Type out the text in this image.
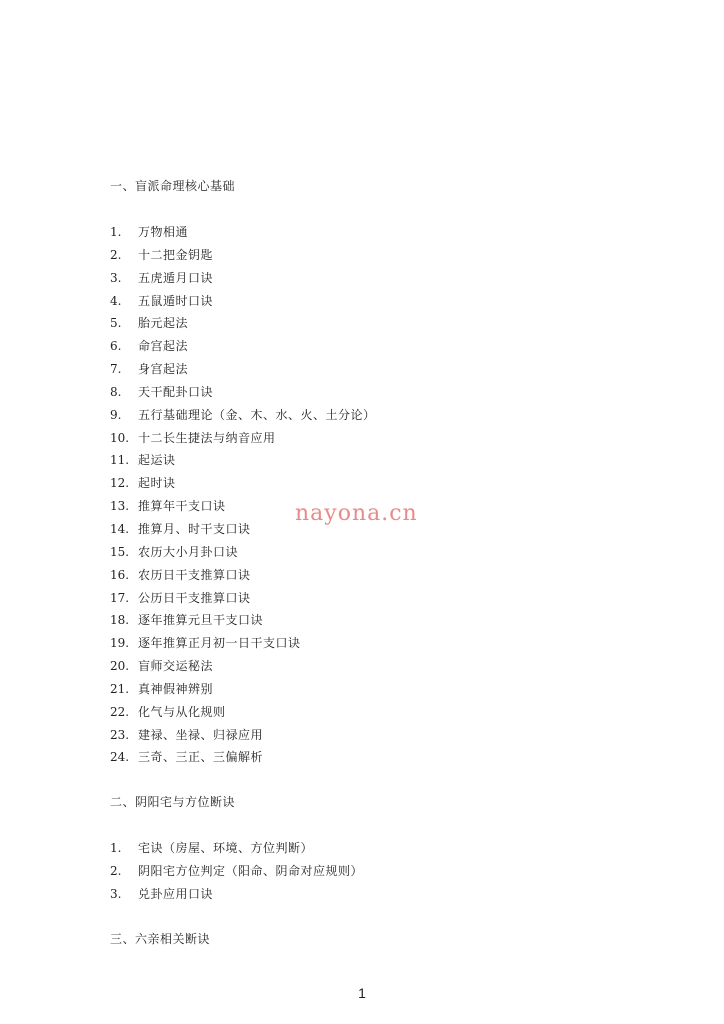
一、盲派命理核心基础
1. 万物相通
2. 十二把金钥匙
3. 五虎遁月口诀
4. 五鼠遁时口诀
5. 胎元起法
6. 命宫起法
7. 身宫起法
8. 天干配卦口诀
9. 五行基础理论（金、木、水、火、土分论）
10. 十二长生捷法与纳音应用
11. 起运诀
12. 起时诀
13. 推算年干支口诀
14. 推算月、时干支口诀
15. 农历大小月卦口诀
16. 农历日干支推算口诀
17. 公历日干支推算口诀
18. 逐年推算元旦干支口诀
19. 逐年推算正月初一日干支口诀
20. 盲师交运秘法
21. 真神假神辨别
22. 化气与从化规则
23. 建禄、坐禄、归禄应用
24. 三奇、三正、三偏解析
二、阴阳宅与方位断诀
1. 宅诀（房屋、环境、方位判断）
2. 阴阳宅方位判定（阳命、阴命对应规则）
3. 兑卦应用口诀
三、六亲相关断诀
nayona.cn
1
